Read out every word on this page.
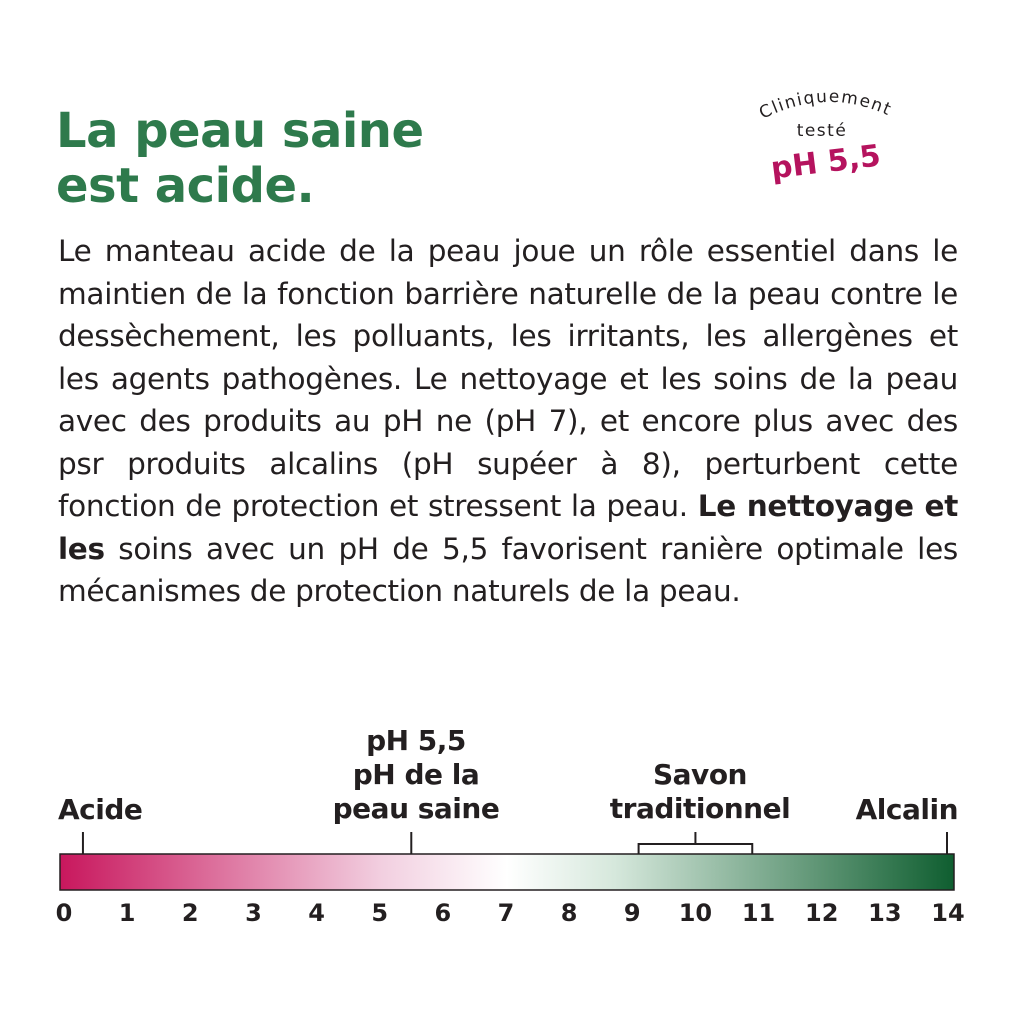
La peau saine
est acide.
Cliniquement
testé
pH 5,5

Le manteau acide de la peau joue un rôle essentiel dans le maintien de la fonction barrière naturelle de la peau contre le dessèchement, les polluants, les irritants, les allergènes et les agents pathogènes. Le nettoyage et les soins de la peau avec des produits au pH ne (pH 7), et encore plus avec des psr produits alcalins (pH supéer à 8), perturbent cette fonction de protection et stressent la peau. Le nettoyage et les soins avec un pH de 5,5 favorisent ranière optimale les mécanismes de protection naturels de la peau.

Acide	Alcalin
pH 5,5
pH de la
peau saine
Savon
traditionnel
0 1 2 3 4 5 6 7 8 9 10 11 12 13 14
